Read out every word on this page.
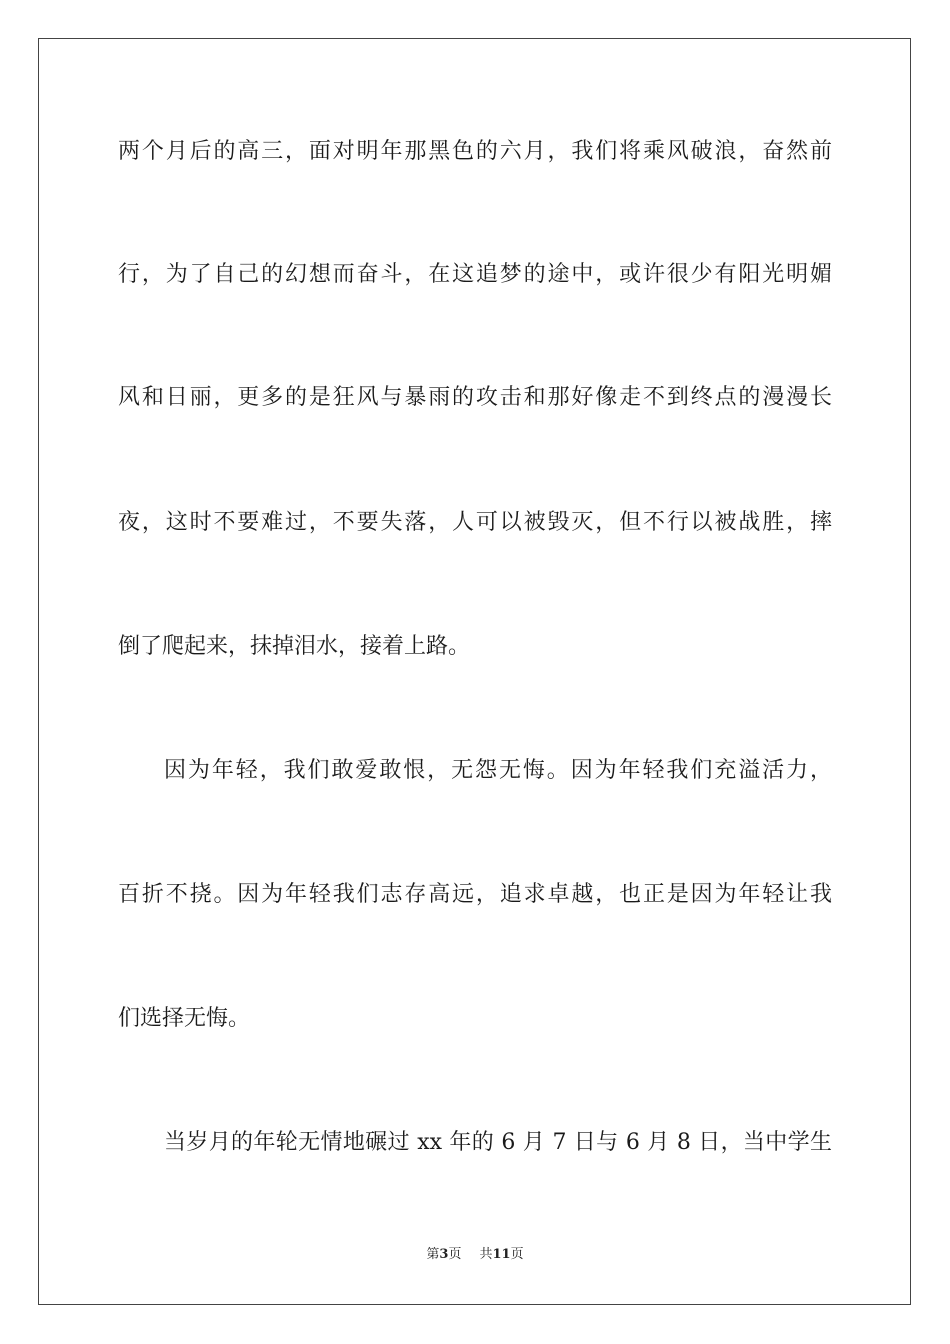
两个月后的高三，面对明年那黑色的六月，我们将乘风破浪，奋然前
行，为了自己的幻想而奋斗，在这追梦的途中，或许很少有阳光明媚
风和日丽，更多的是狂风与暴雨的攻击和那好像走不到终点的漫漫长
夜，这时不要难过，不要失落，人可以被毁灭，但不行以被战胜，摔
倒了爬起来，抹掉泪水，接着上路。
因为年轻，我们敢爱敢恨，无怨无悔。因为年轻我们充溢活力，
百折不挠。因为年轻我们志存高远，追求卓越，也正是因为年轻让我
们选择无悔。
当岁月的年轮无情地碾过 xx 年的 6 月 7 日与 6 月 8 日，当中学生
第3页 共11页
